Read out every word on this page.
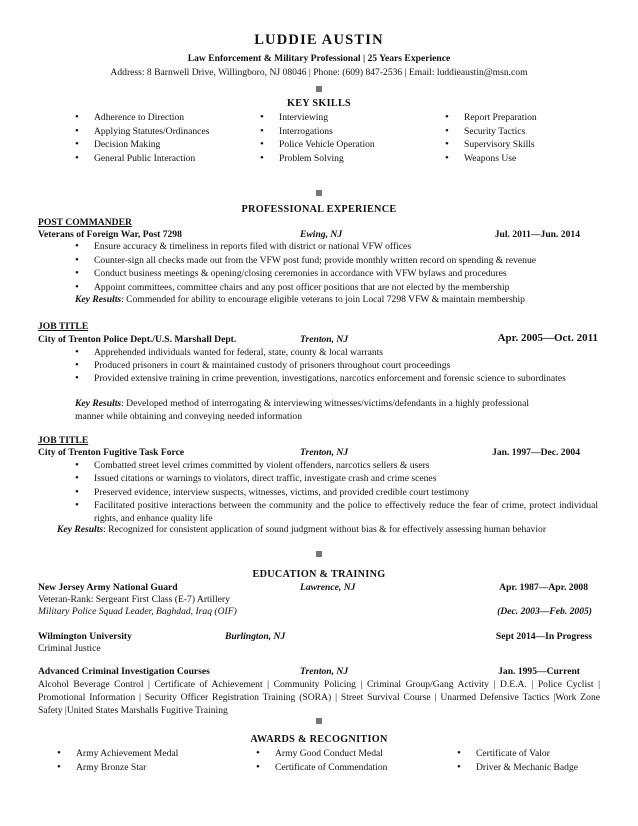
LUDDIE AUSTIN
Law Enforcement & Military Professional | 25 Years Experience
Address: 8 Barnwell Drive, Willingboro, NJ 08046 | Phone: (609) 847-2536 | Email: luddieaustin@msn.com
KEY SKILLS
• Adherence to Direction
• Applying Statutes/Ordinances
• Decision Making
• General Public Interaction
• Interviewing
• Interrogations
• Police Vehicle Operation
• Problem Solving
• Report Preparation
• Security Tactics
• Supervisory Skills
• Weapons Use
PROFESSIONAL EXPERIENCE
POST COMMANDER
Veterans of Foreign War, Post 7298	Ewing, NJ	Jul. 2011—Jun. 2014
• Ensure accuracy & timeliness in reports filed with district or national VFW offices
• Counter-sign all checks made out from the VFW post fund; provide monthly written record on spending & revenue
• Conduct business meetings & opening/closing ceremonies in accordance with VFW bylaws and procedures
• Appoint committees, committee chairs and any post officer positions that are not elected by the membership
Key Results: Commended for ability to encourage eligible veterans to join Local 7298 VFW & maintain membership
JOB TITLE
City of Trenton Police Dept./U.S. Marshall Dept.	Trenton, NJ	Apr. 2005—Oct. 2011
• Apprehended individuals wanted for federal, state, county & local warrants
• Produced prisoners in court & maintained custody of prisoners throughout court proceedings
• Provided extensive training in crime prevention, investigations, narcotics enforcement and forensic science to subordinates
Key Results: Developed method of interrogating & interviewing witnesses/victims/defendants in a highly professional manner while obtaining and conveying needed information
JOB TITLE
City of Trenton Fugitive Task Force	Trenton, NJ	Jan. 1997—Dec. 2004
• Combatted street level crimes committed by violent offenders, narcotics sellers & users
• Issued citations or warnings to violators, direct traffic, investigate crash and crime scenes
• Preserved evidence, interview suspects, witnesses, victims, and provided credible court testimony
• Facilitated positive interactions between the community and the police to effectively reduce the fear of crime, protect individual rights, and enhance quality life
Key Results: Recognized for consistent application of sound judgment without bias & for effectively assessing human behavior
EDUCATION & TRAINING
New Jersey Army National Guard	Lawrence, NJ	Apr. 1987—Apr. 2008
Veteran-Rank: Sergeant First Class (E-7) Artillery
Military Police Squad Leader, Baghdad, Iraq (OIF)	(Dec. 2003—Feb. 2005)
Wilmington University	Burlington, NJ	Sept 2014—In Progress
Criminal Justice
Advanced Criminal Investigation Courses	Trenton, NJ	Jan. 1995—Current
Alcohol Beverage Control | Certificate of Achievement | Community Policing | Criminal Group/Gang Activity | D.E.A. | Police Cyclist | Promotional Information | Security Officer Registration Training (SORA) | Street Survival Course | Unarmed Defensive Tactics |Work Zone Safety |United States Marshalls Fugitive Training
AWARDS & RECOGNITION
• Army Achievement Medal
• Army Bronze Star
• Army Good Conduct Medal
• Certificate of Commendation
• Certificate of Valor
• Driver & Mechanic Badge
